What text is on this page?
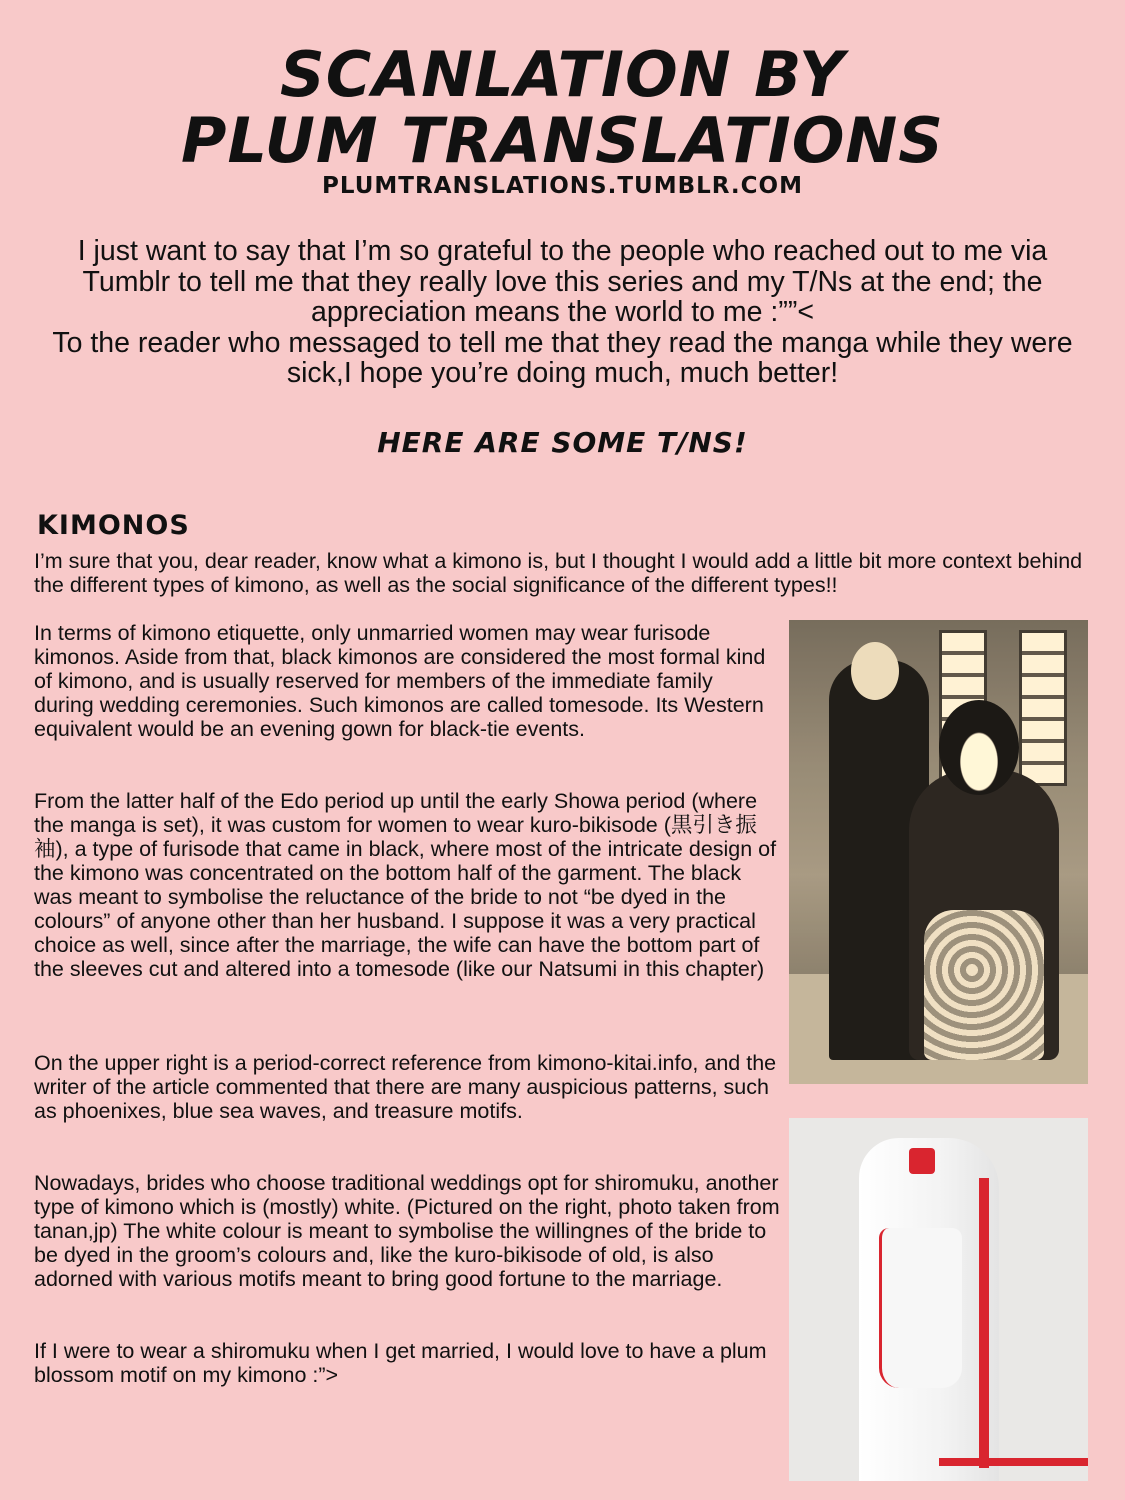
SCANLATION BY
PLUM TRANSLATIONS
PLUMTRANSLATIONS.TUMBLR.COM

I just want to say that I’m so grateful to the people who reached out to me via Tumblr to tell me that they really love this series and my T/Ns at the end; the appreciation means the world to me :””<

To the reader who messaged to tell me that they read the manga while they were sick,I hope you’re doing much, much better!

HERE ARE SOME T/NS!
KIMONOS

I’m sure that you, dear reader, know what a kimono is, but I thought I would add a little bit more context behind the different types of kimono, as well as the social significance of the different types!!

In terms of kimono etiquette, only unmarried women may wear furisode kimonos. Aside from that, black kimonos are considered the most formal kind of kimono, and is usually reserved for members of the immediate family during wedding ceremonies. Such kimonos are called tomesode. Its Western equivalent would be an evening gown for black-tie events.

From the latter half of the Edo period up until the early Showa period (where the manga is set), it was custom for women to wear kuro-bikisode (黒引き振袖), a type of furisode that came in black, where most of the intricate design of the kimono was concentrated on the bottom half of the garment. The black was meant to symbolise the reluctance of the bride to not “be dyed in the colours” of anyone other than her husband. I suppose it was a very practical choice as well, since after the marriage, the wife can have the bottom part of the sleeves cut and altered into a tomesode (like our Natsumi in this chapter)

On the upper right is a period-correct reference from kimono-kitai.info, and the writer of the article commented that there are many auspicious patterns, such as phoenixes, blue sea waves, and treasure motifs.

Nowadays, brides who choose traditional weddings opt for shiromuku, another type of kimono which is (mostly) white. (Pictured on the right, photo taken from tanan,jp) The white colour is meant to symbolise the willingnes of the bride to be dyed in the groom’s colours and, like the kuro-bikisode of old, is also adorned with various motifs meant to bring good fortune to the marriage.

If I were to wear a shiromuku when I get married, I would love to have a plum blossom motif on my kimono :”>
